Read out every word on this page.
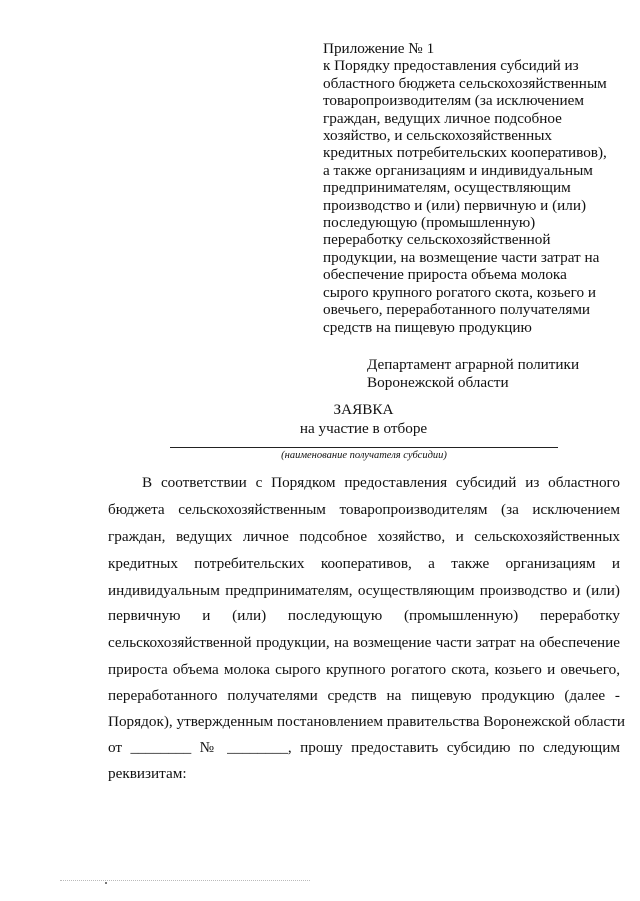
Приложение № 1
к Порядку предоставления субсидий из
областного бюджета сельскохозяйственным
товаропроизводителям (за исключением
граждан, ведущих личное подсобное
хозяйство, и сельскохозяйственных
кредитных потребительских кооперативов),
а также организациям и индивидуальным
предпринимателям, осуществляющим
производство и (или) первичную и (или)
последующую (промышленную)
переработку сельскохозяйственной
продукции, на возмещение части затрат на
обеспечение прироста объема молока
сырого крупного рогатого скота, козьего и
овечьего, переработанного получателями
средств на пищевую продукцию
Департамент аграрной политики
Воронежской области
ЗАЯВКА
на участие в отборе
(наименование получателя субсидии)
В соответствии с Порядком предоставления субсидий из областного
бюджета сельскохозяйственным товаропроизводителям (за исключением
граждан, ведущих личное подсобное хозяйство, и сельскохозяйственных
кредитных потребительских кооперативов, а также организациям и
индивидуальным предпринимателям, осуществляющим производство и (или)
первичную и (или) последующую (промышленную) переработку
сельскохозяйственной продукции, на возмещение части затрат на обеспечение
прироста объема молока сырого крупного рогатого скота, козьего и овечьего,
переработанного получателями средств на пищевую продукцию (далее -
Порядок), утвержденным постановлением правительства Воронежской области
от ________ № ________, прошу предоставить субсидию по следующим
реквизитам:
